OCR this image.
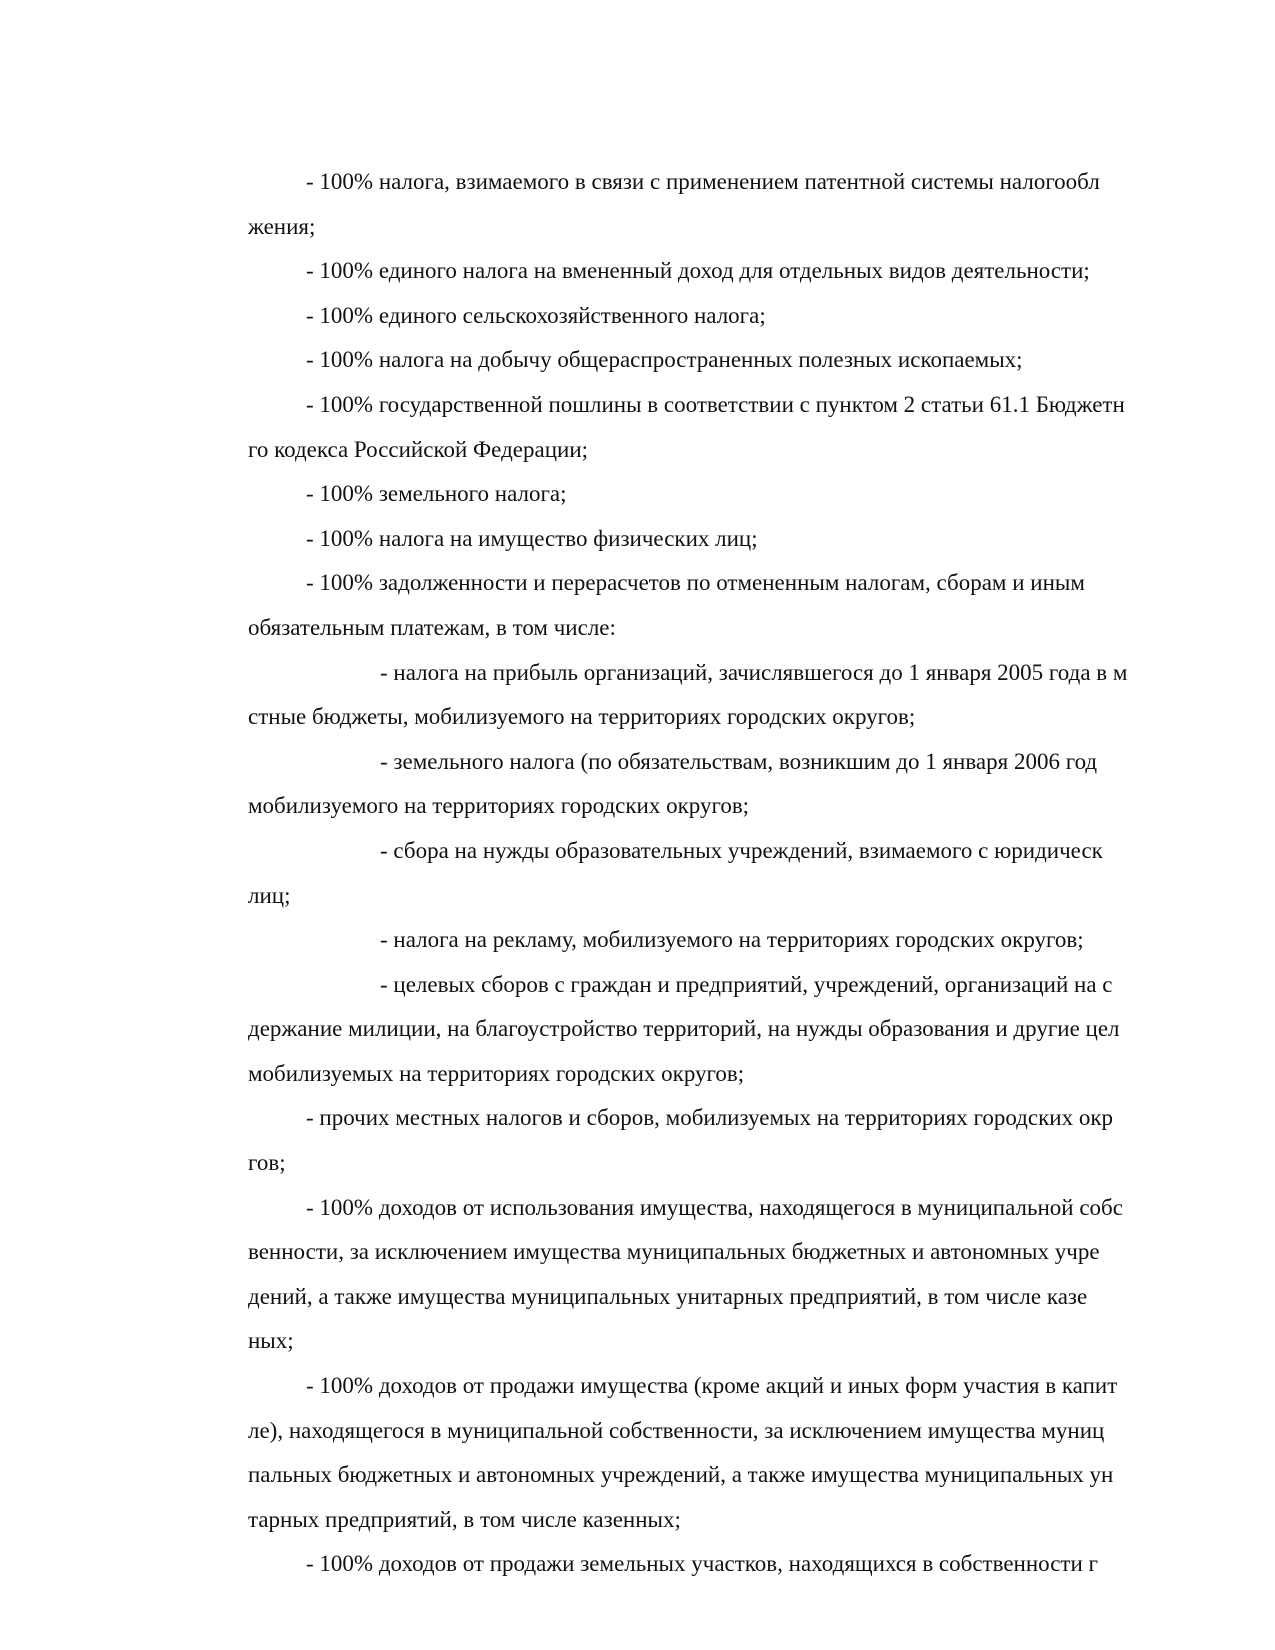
- 100% налога, взимаемого в связи с применением патентной системы налогообл
жения;
- 100% единого налога на вмененный доход для отдельных видов деятельности;
- 100% единого сельскохозяйственного налога;
- 100% налога на добычу общераспространенных полезных ископаемых;
- 100% государственной пошлины в соответствии с пунктом 2 статьи 61.1 Бюджетн
го кодекса Российской Федерации;
- 100% земельного налога;
- 100% налога на имущество физических лиц;
- 100% задолженности и перерасчетов по отмененным налогам, сборам и иным
обязательным платежам, в том числе:
- налога на прибыль организаций, зачислявшегося до 1 января 2005 года в м
стные бюджеты, мобилизуемого на территориях городских округов;
- земельного налога (по обязательствам, возникшим до 1 января 2006 год
мобилизуемого на территориях городских округов;
- сбора на нужды образовательных учреждений, взимаемого с юридическ
лиц;
- налога на рекламу, мобилизуемого на территориях городских округов;
- целевых сборов с граждан и предприятий, учреждений, организаций на с
держание милиции, на благоустройство территорий, на нужды образования и другие цел
мобилизуемых на территориях городских округов;
- прочих местных налогов и сборов, мобилизуемых на территориях городских окр
гов;
- 100% доходов от использования имущества, находящегося в муниципальной собс
венности, за исключением имущества муниципальных бюджетных и автономных учре
дений, а также имущества муниципальных унитарных предприятий, в том числе казе
ных;
- 100% доходов от продажи имущества (кроме акций и иных форм участия в капит
ле), находящегося в муниципальной собственности, за исключением имущества муниц
пальных бюджетных и автономных учреждений, а также имущества муниципальных ун
тарных предприятий, в том числе казенных;
- 100% доходов от продажи земельных участков, находящихся в собственности г
